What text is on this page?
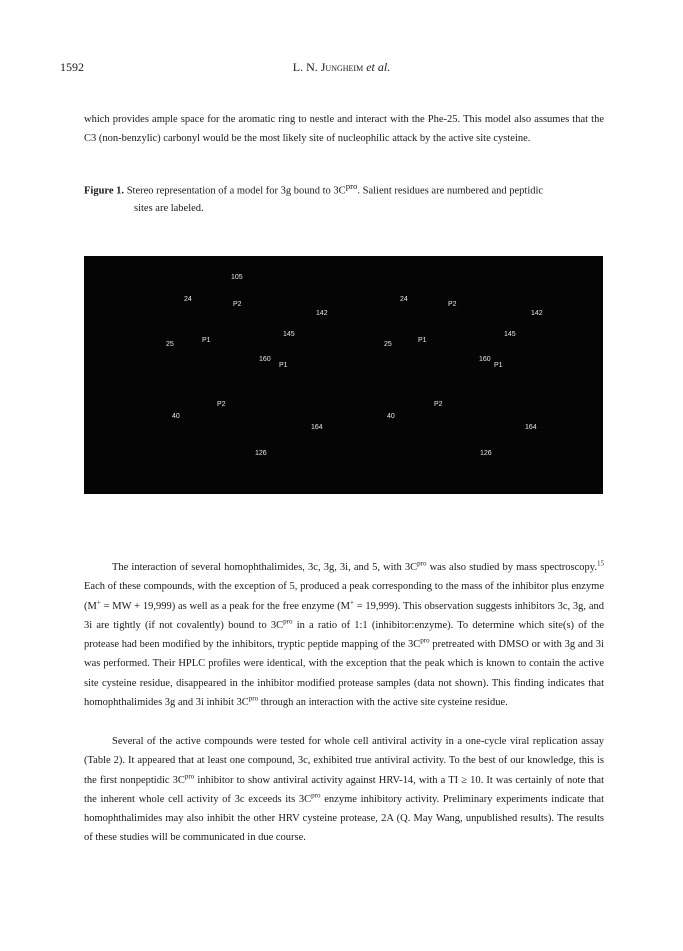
1592	L. N. Jungheim et al.

which provides ample space for the aromatic ring to nestle and interact with the Phe-25. This model also assumes that the C3 (non-benzylic) carbonyl would be the most likely site of nucleophilic attack by the active site cysteine.

Figure 1. Stereo representation of a model for 3g bound to $3C^{pro}$. Salient residues are numbered and peptidic
sites are labeled.
105
24
P2
142
145
25
P1
160
P1
P2
40
164
126
24
P2
142
145
25
P1
160
P1
P2
40
164
126

The interaction of several homophthalimides, 3c, 3g, 3i, and 5, with $3C^{pro}$ was also studied by mass spectroscopy.$^{15}$ Each of these compounds, with the exception of 5, produced a peak corresponding to the mass of the inhibitor plus enzyme (M+ = MW + 19,999) as well as a peak for the free enzyme (M+ = 19,999). This observation suggests inhibitors 3c, 3g, and 3i are tightly (if not covalently) bound to $3C^{pro}$ in a ratio of 1:1 (inhibitor:enzyme). To determine which site(s) of the protease had been modified by the inhibitors, tryptic peptide mapping of the $3C^{pro}$ pretreated with DMSO or with 3g and 3i was performed. Their HPLC profiles were identical, with the exception that the peak which is known to contain the active site cysteine residue, disappeared in the inhibitor modified protease samples (data not shown). This finding indicates that homophthalimides 3g and 3i inhibit $3C^{pro}$ through an interaction with the active site cysteine residue.

Several of the active compounds were tested for whole cell antiviral activity in a one-cycle viral replication assay (Table 2). It appeared that at least one compound, 3c, exhibited true antiviral activity. To the best of our knowledge, this is the first nonpeptidic $3C^{pro}$ inhibitor to show antiviral activity against HRV-14, with a TI ≥ 10. It was certainly of note that the inherent whole cell activity of 3c exceeds its $3C^{pro}$ enzyme inhibitory activity. Preliminary experiments indicate that homophthalimides may also inhibit the other HRV cysteine protease, 2A (Q. May Wang, unpublished results). The results of these studies will be communicated in due course.
